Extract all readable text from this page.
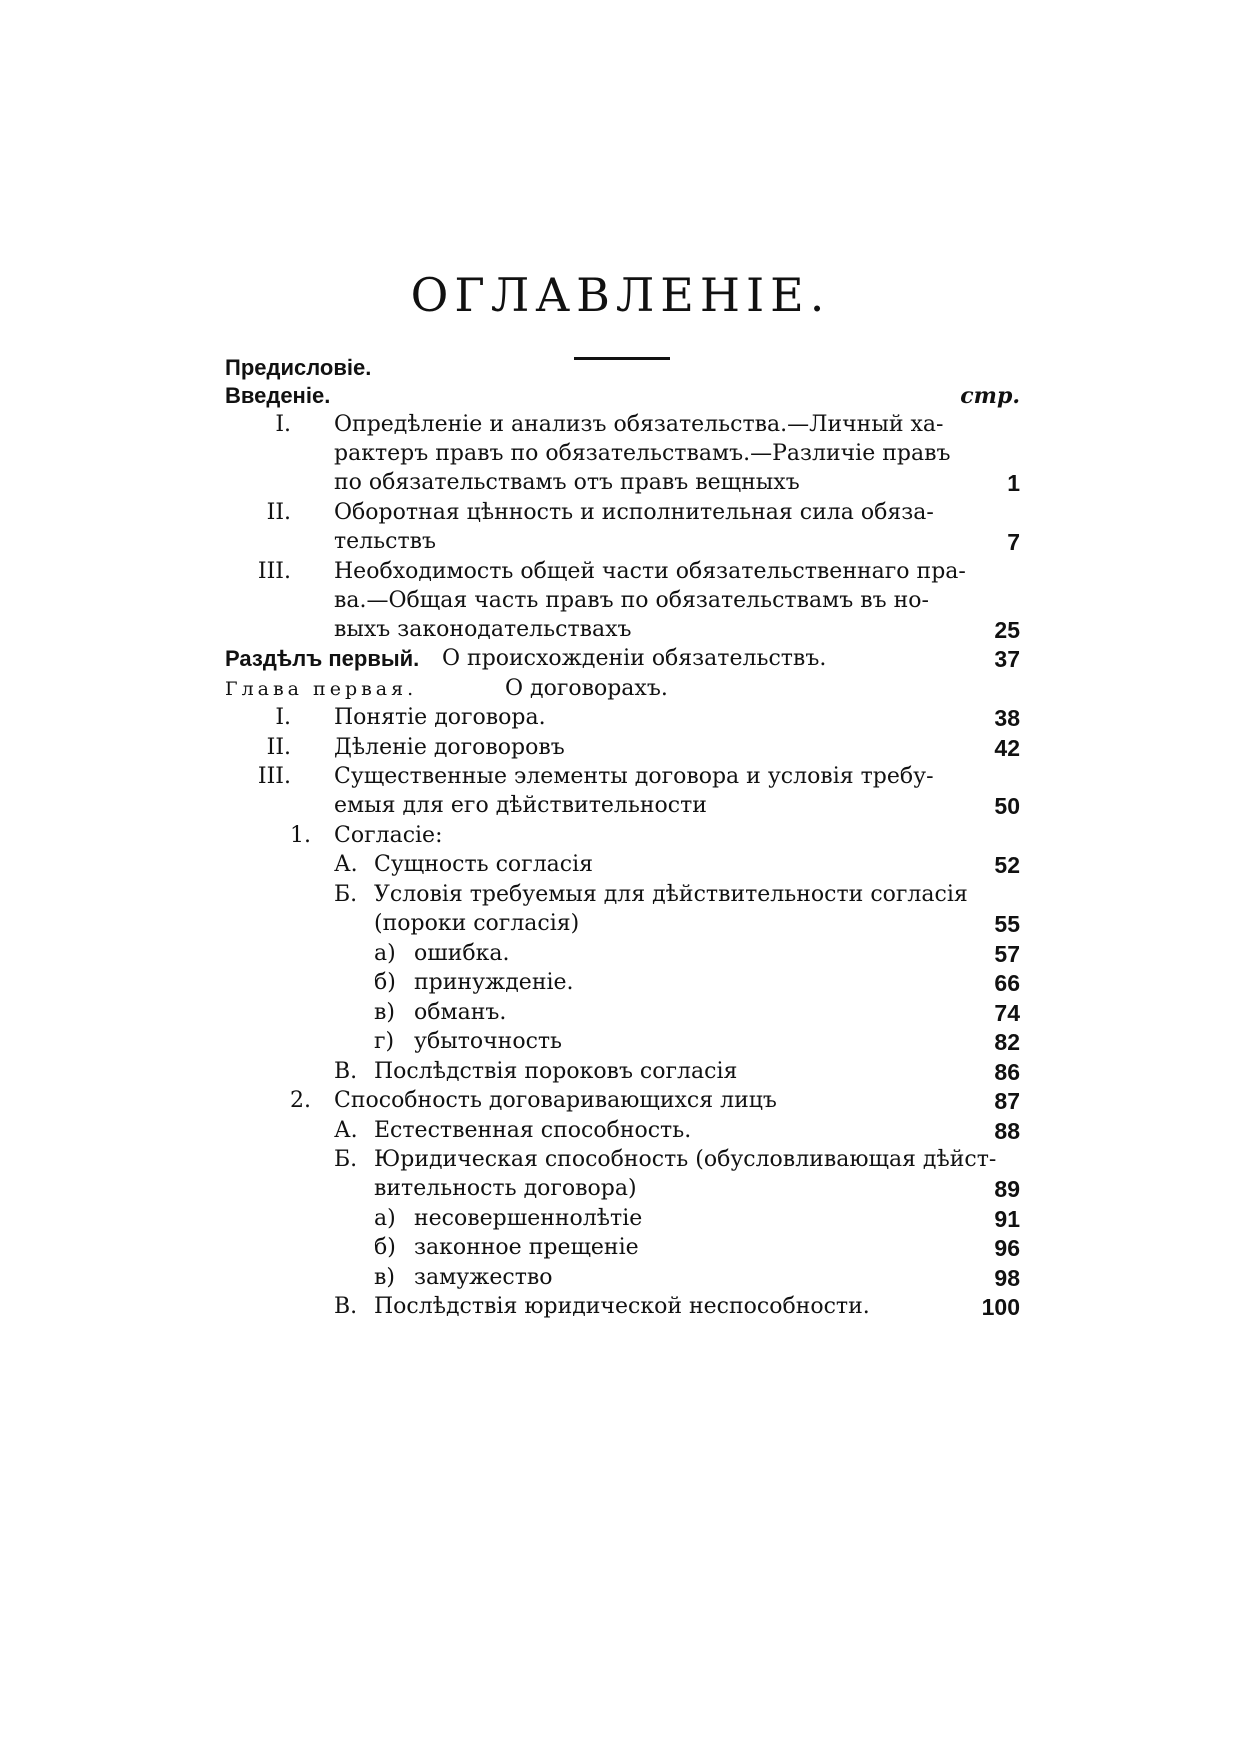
ОГЛАВЛЕНІЕ.
Предисловіе.
Введеніе.	стр.
I. Опредѣленіе и анализъ обязательства.—Личный ха-
рактеръ правъ по обязательствамъ.—Различіе правъ
по обязательствамъ отъ правъ вещныхъ	1
II. Оборотная цѣнность и исполнительная сила обяза-
тельствъ	7
III. Необходимость общей части обязательственнаго пра-
ва.—Общая часть правъ по обязательствамъ въ но-
выхъ законодательствахъ	25
Раздѣлъ первый. О происхожденіи обязательствъ.	37
Глава первая.	О договорахъ.
I. Понятіе договора.	38
II. Дѣленіе договоровъ	42
III. Существенные элементы договора и условія требу-
емыя для его дѣйствительности	50
1. Согласіе:
А. Сущность согласія	52
Б. Условія требуемыя для дѣйствительности согласія
(пороки согласія)	55
а) ошибка.	57
б) принужденіе.	66
в) обманъ.	74
г) убыточность	82
В. Послѣдствія пороковъ согласія	86
2. Способность договаривающихся лицъ	87
А. Естественная способность.	88
Б. Юридическая способность (обусловливающая дѣйст-
вительность договора)	89
а) несовершеннолѣтіе	91
б) законное прещеніе	96
в) замужество	98
В. Послѣдствія юридической неспособности.	100
